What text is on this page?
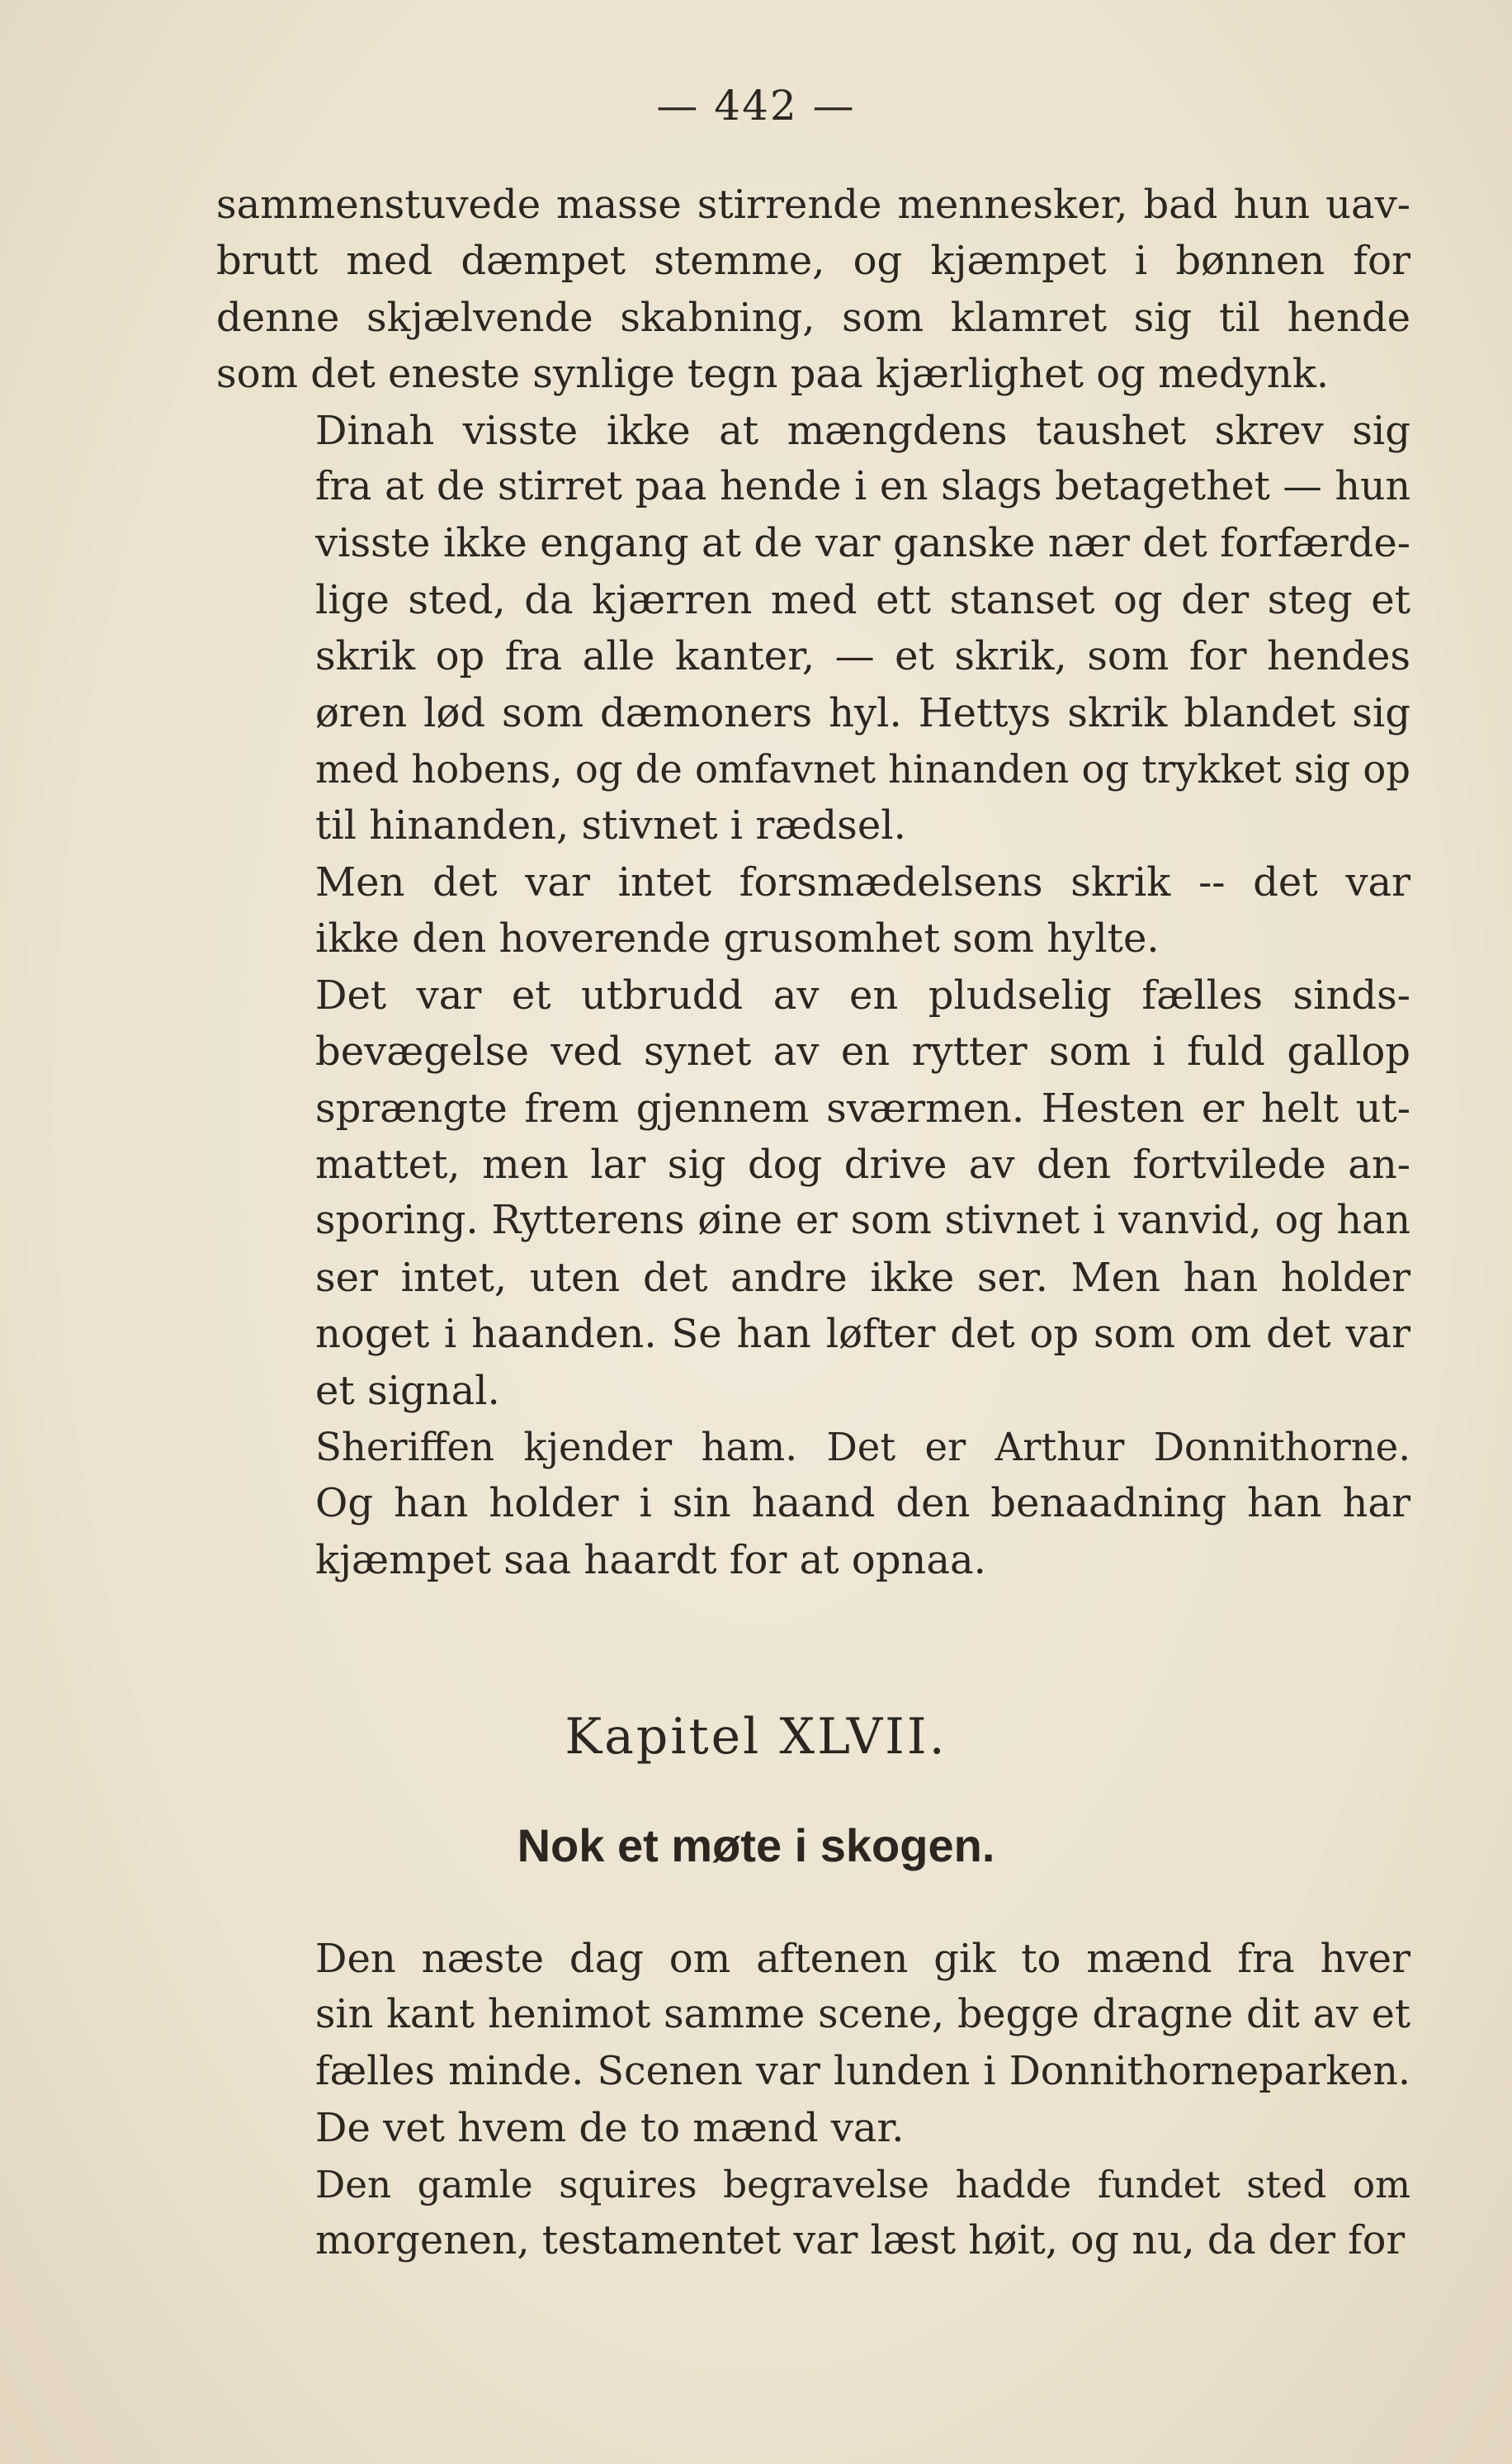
— 442 —
sammenstuvede masse stirrende mennesker, bad hun uav-
brutt med dæmpet stemme, og kjæmpet i bønnen for
denne skjælvende skabning, som klamret sig til hende
som det eneste synlige tegn paa kjærlighet og medynk.
Dinah visste ikke at mængdens taushet skrev sig
fra at de stirret paa hende i en slags betagethet — hun
visste ikke engang at de var ganske nær det forfærde-
lige sted, da kjærren med ett stanset og der steg et
skrik op fra alle kanter, — et skrik, som for hendes
øren lød som dæmoners hyl. Hettys skrik blandet sig
med hobens, og de omfavnet hinanden og trykket sig op
til hinanden, stivnet i rædsel.
Men det var intet forsmædelsens skrik -- det var
ikke den hoverende grusomhet som hylte.
Det var et utbrudd av en pludselig fælles sinds-
bevægelse ved synet av en rytter som i fuld gallop
sprængte frem gjennem sværmen. Hesten er helt ut-
mattet, men lar sig dog drive av den fortvilede an-
sporing. Rytterens øine er som stivnet i vanvid, og han
ser intet, uten det andre ikke ser. Men han holder
noget i haanden. Se han løfter det op som om det var
et signal.
Sheriffen kjender ham. Det er Arthur Donnithorne.
Og han holder i sin haand den benaadning han har
kjæmpet saa haardt for at opnaa.
Kapitel XLVII.
Nok et møte i skogen.
Den næste dag om aftenen gik to mænd fra hver
sin kant henimot samme scene, begge dragne dit av et
fælles minde. Scenen var lunden i Donnithorneparken.
De vet hvem de to mænd var.
Den gamle squires begravelse hadde fundet sted om
morgenen, testamentet var læst høit, og nu, da der for
